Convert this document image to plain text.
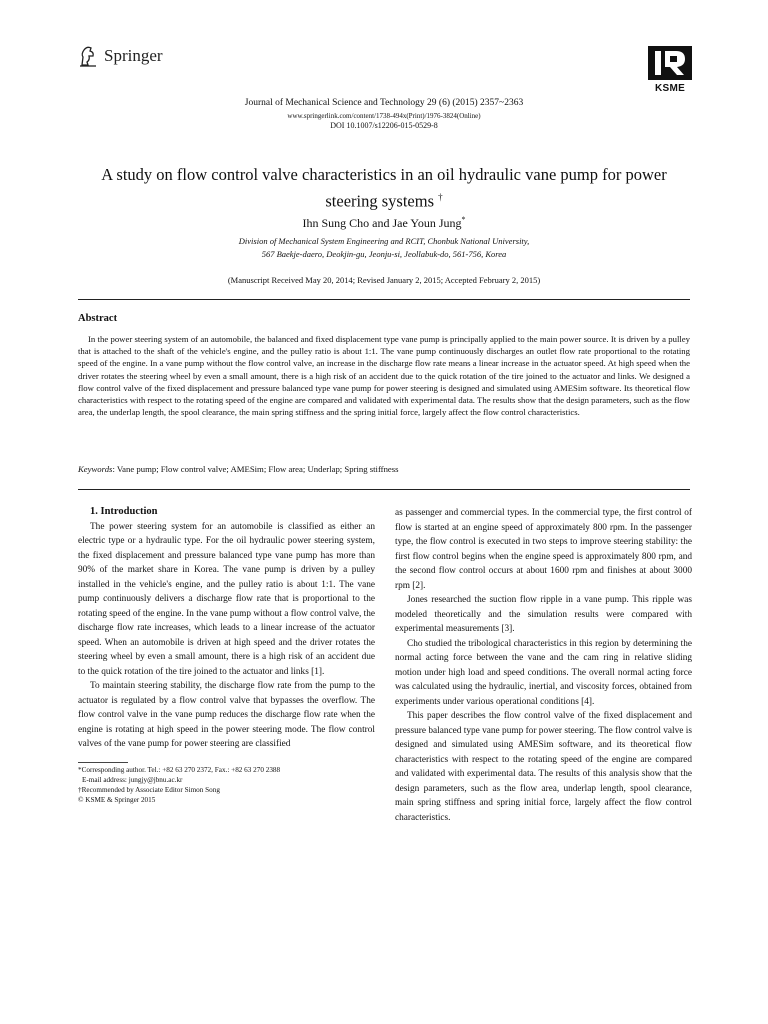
Springer
KSME
Journal of Mechanical Science and Technology 29 (6) (2015) 2357~2363
www.springerlink.com/content/1738-494x(Print)/1976-3824(Online)
DOI 10.1007/s12206-015-0529-8
A study on flow control valve characteristics in an oil hydraulic vane pump for power steering systems †
Ihn Sung Cho and Jae Youn Jung*
Division of Mechanical System Engineering and RCIT, Chonbuk National University,
567 Baekje-daero, Deokjin-gu, Jeonju-si, Jeollabuk-do, 561-756, Korea
(Manuscript Received May 20, 2014; Revised January 2, 2015; Accepted February 2, 2015)
Abstract

In the power steering system of an automobile, the balanced and fixed displacement type vane pump is principally applied to the main power source. It is driven by a pulley that is attached to the shaft of the vehicle's engine, and the pulley ratio is about 1:1. The vane pump continuously discharges an outlet flow rate proportional to the rotating speed of the engine. In a vane pump without the flow control valve, an increase in the discharge flow rate means a linear increase in the actuator speed. At high speed when the driver rotates the steering wheel by even a small amount, there is a high risk of an accident due to the quick rotation of the tire joined to the actuator and links. We designed a flow control valve of the fixed displacement and pressure balanced type vane pump for power steering is designed and simulated using AMESim software. Its theoretical flow characteristics with respect to the rotating speed of the engine are compared and validated with experimental data. The results show that the design parameters, such as the flow area, the underlap length, the spool clearance, the main spring stiffness and the spring initial force, largely affect the flow control characteristics.

Keywords: Vane pump; Flow control valve; AMESim; Flow area; Underlap; Spring stiffness

1. Introduction

The power steering system for an automobile is classified as either an electric type or a hydraulic type. For the oil hydraulic power steering system, the fixed displacement and pressure balanced type vane pump has more than 90% of the market share in Korea. The vane pump is driven by a pulley installed in the vehicle's engine, and the pulley ratio is about 1:1. The vane pump continuously delivers a discharge flow rate that is proportional to the rotating speed of the engine. In the vane pump without a flow control valve, the discharge flow rate increases, which leads to a linear increase of the actuator speed. When an automobile is driven at high speed and the driver rotates the steering wheel by even a small amount, there is a high risk of an accident due to the quick rotation of the tire joined to the actuator and links [1].

To maintain steering stability, the discharge flow rate from the pump to the actuator is regulated by a flow control valve that bypasses the overflow. The flow control valve in the vane pump reduces the discharge flow rate when the engine is rotating at high speed in the power steering mode. The flow control valves of the vane pump for power steering are classified

*Corresponding author. Tel.: +82 63 270 2372, Fax.: +82 63 270 2388

E-mail address: jungjy@jbnu.ac.kr

†Recommended by Associate Editor Simon Song

© KSME & Springer 2015

as passenger and commercial types. In the commercial type, the first control of flow is started at an engine speed of approximately 800 rpm. In the passenger type, the flow control is executed in two steps to improve steering stability: the first flow control begins when the engine speed is approximately 800 rpm, and the second flow control occurs at about 1600 rpm and finishes at about 3000 rpm [2].

Jones researched the suction flow ripple in a vane pump. This ripple was modeled theoretically and the simulation results were compared with experimental measurements [3].

Cho studied the tribological characteristics in this region by determining the normal acting force between the vane and the cam ring in relative sliding motion under high load and speed conditions. The overall normal acting force was calculated using the hydraulic, inertial, and viscosity forces, obtained from experiments under various operational conditions [4].

This paper describes the flow control valve of the fixed displacement and pressure balanced type vane pump for power steering. The flow control valve is designed and simulated using AMESim software, and its theoretical flow characteristics with respect to the rotating speed of the engine are compared and validated with experimental data. The results of this analysis show that the design parameters, such as the flow area, underlap length, spool clearance, main spring stiffness and spring initial force, largely affect the flow control characteristics.
